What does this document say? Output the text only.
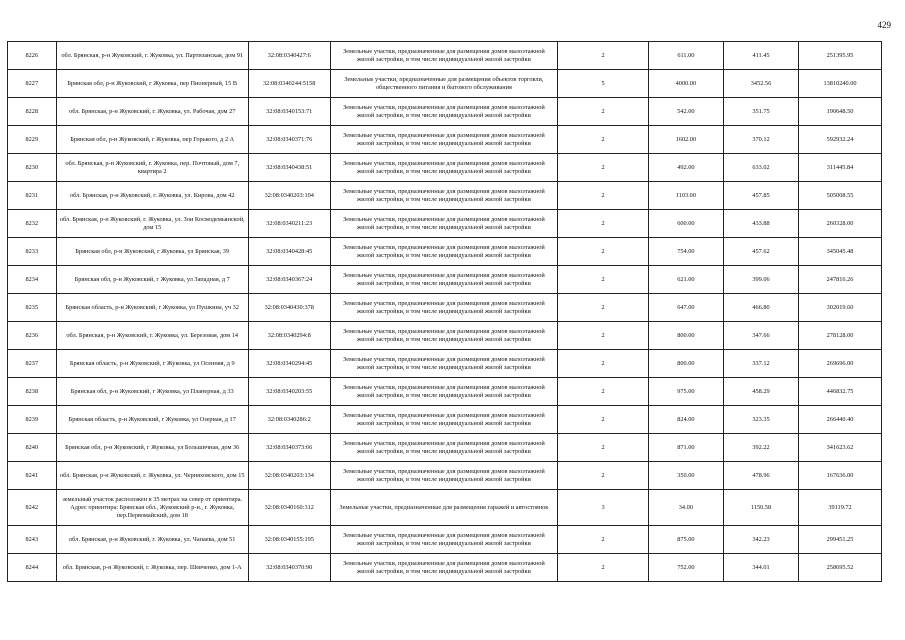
429
8226	обл. Брянская, р-н Жуковский, г. Жуковка, ул. Партизанская, дом 91	32:08:0340427:6	Земельные участки, предназначенные для размещения домов малоэтажной жилой застройки, в том числе индивидуальной жилой застройки	2	611.00	411.45	251395.95
8227	Брянская обл, р-н Жуковский, г Жуковка, пер Пионерный, 15 В	32:08:0340244:5158	Земельные участки, предназначенные для размещения объектов торговли, общественного питания и бытового обслуживания	5	4000.00	3452.56	13810240.00
8228	обл. Брянская, р-н Жуковский, г. Жуковка, ул. Рабочая, дом 27	32:08:0340153:71	Земельные участки, предназначенные для размещения домов малоэтажной жилой застройки, в том числе индивидуальной жилой застройки	2	542.00	351.75	190648.50
8229	Брянская обл, р-н Жуковский, г Жуковка, пер Горького, д 2 А	32:08:0340371:76	Земельные участки, предназначенные для размещения домов малоэтажной жилой застройки, в том числе индивидуальной жилой застройки	2	1602.00	370.12	592932.24
8230	обл. Брянская, р-н Жуковский, г. Жуковка, пер. Почтовый, дом 7, квартира 2	32:08:0340438:51	Земельные участки, предназначенные для размещения домов малоэтажной жилой застройки, в том числе индивидуальной жилой застройки	2	492.00	633.02	311445.84
8231	обл. Брянская, р-н Жуковский, г. Жуковка, ул. Кирова, дом 42	32:08:0340203:104	Земельные участки, предназначенные для размещения домов малоэтажной жилой застройки, в том числе индивидуальной жилой застройки	2	1103.00	457.85	505008.55
8232	обл. Брянская, р-н Жуковский, г. Жуковка, ул. Зои Космодемьянской, дом 15	32:08:0340211:23	Земельные участки, предназначенные для размещения домов малоэтажной жилой застройки, в том числе индивидуальной жилой застройки	2	600.00	433.88	260328.00
8233	Брянская обл, р-н Жуковский, г Жуковка, ул Брянская, 39	32:08:0340428:45	Земельные участки, предназначенные для размещения домов малоэтажной жилой застройки, в том числе индивидуальной жилой застройки	2	754.00	457.62	345045.48
8234	Брянская обл, р-н Жуковский, г Жуковка, ул Западная, д 7	32:08:0340367:24	Земельные участки, предназначенные для размещения домов малоэтажной жилой застройки, в том числе индивидуальной жилой застройки	2	621.00	399.06	247816.26
8235	Брянская область, р-н Жуковский, г Жуковка, ул Пушкина, уч 32	32:08:0340430:378	Земельные участки, предназначенные для размещения домов малоэтажной жилой застройки, в том числе индивидуальной жилой застройки	2	647.00	466.80	302019.60
8236	обл. Брянская, р-н Жуковский, г. Жуковка, ул. Березовая, дом 14	32:08:0340294:8	Земельные участки, предназначенные для размещения домов малоэтажной жилой застройки, в том числе индивидуальной жилой застройки	2	800.00	347.66	278128.00
8237	Брянская область, р-н Жуковский, г Жуковка, ул Осенняя, д 9	32:08:0340294:45	Земельные участки, предназначенные для размещения домов малоэтажной жилой застройки, в том числе индивидуальной жилой застройки	2	800.00	337.12	269696.00
8238	Брянская обл, р-н Жуковский, г Жуковка, ул Планерная, д 33	32:08:0340203:55	Земельные участки, предназначенные для размещения домов малоэтажной жилой застройки, в том числе индивидуальной жилой застройки	2	975.00	458.29	446832.75
8239	Брянская область, р-н Жуковский, г Жуковка, ул Озерная, д 17	32:08:0340286:2	Земельные участки, предназначенные для размещения домов малоэтажной жилой застройки, в том числе индивидуальной жилой застройки	2	824.00	323.35	266440.40
8240	Брянская обл, р-н Жуковский, г Жуковка, ул Большичная, дом 36	32:08:0340373:66	Земельные участки, предназначенные для размещения домов малоэтажной жилой застройки, в том числе индивидуальной жилой застройки	2	871.00	392.22	341623.62
8241	обл. Брянская, р-н Жуковский, г. Жуковка, ул. Черняховского, дом 15	32:08:0340203:134	Земельные участки, предназначенные для размещения домов малоэтажной жилой застройки, в том числе индивидуальной жилой застройки	2	350.00	478.96	167636.00
8242	земельный участок расположен в 35 метрах на север от ориентира. Адрес ориентира: Брянская обл., Жуковский р-н., г. Жуковка, пер.Первомайский, дом 18	32:08:0340160:312	Земельные участки, предназначенные для размещения гаражей и автостоянок	3	34.00	1150.58	39119.72
8243	обл. Брянская, р-н Жуковский, г. Жуковка, ул. Чапаева, дом 51	32:08:0340155:195	Земельные участки, предназначенные для размещения домов малоэтажной жилой застройки, в том числе индивидуальной жилой застройки	2	875.00	342.23	299451.25
8244	обл. Брянская, р-н Жуковский, г. Жуковка, пер. Шевченко, дом 1-А	32:08:0340370:90	Земельные участки, предназначенные для размещения домов малоэтажной жилой застройки, в том числе индивидуальной жилой застройки	2	752.00	344.01	258695.52
